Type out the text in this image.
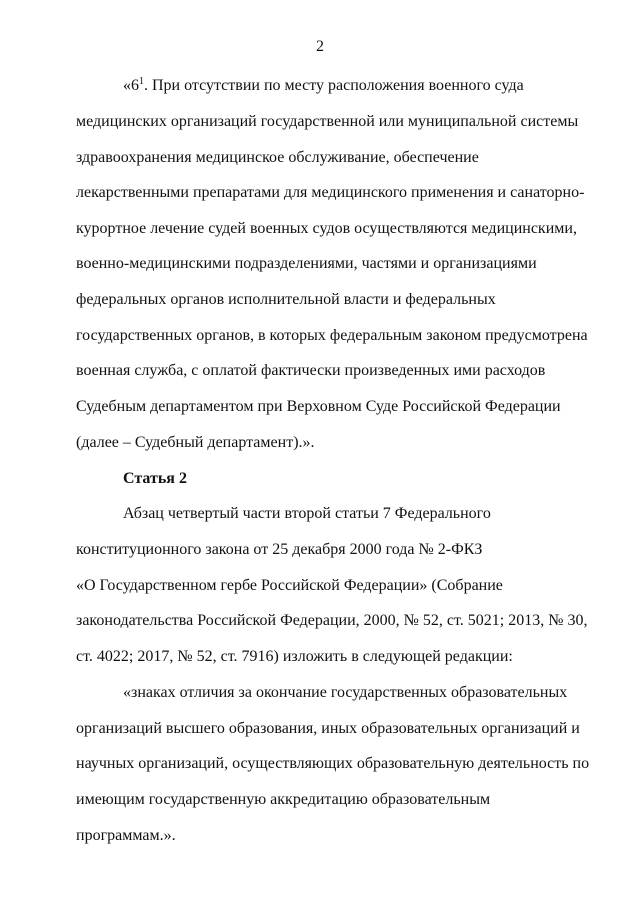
2
«$6^1$. При отсутствии по месту расположения военного суда
медицинских организаций государственной или муниципальной системы
здравоохранения медицинское обслуживание, обеспечение
лекарственными препаратами для медицинского применения и санаторно-
курортное лечение судей военных судов осуществляются медицинскими,
военно-медицинскими подразделениями, частями и организациями
федеральных органов исполнительной власти и федеральных
государственных органов, в которых федеральным законом предусмотрена
военная служба, с оплатой фактически произведенных ими расходов
Судебным департаментом при Верховном Суде Российской Федерации
(далее – Судебный департамент).».
Статья 2
Абзац четвертый части второй статьи 7 Федерального
конституционного закона от 25 декабря 2000 года № 2-ФКЗ
«О Государственном гербе Российской Федерации» (Собрание
законодательства Российской Федерации, 2000, № 52, ст. 5021; 2013, № 30,
ст. 4022; 2017, № 52, ст. 7916) изложить в следующей редакции:
«знаках отличия за окончание государственных образовательных
организаций высшего образования, иных образовательных организаций и
научных организаций, осуществляющих образовательную деятельность по
имеющим государственную аккредитацию образовательным
программам.».
